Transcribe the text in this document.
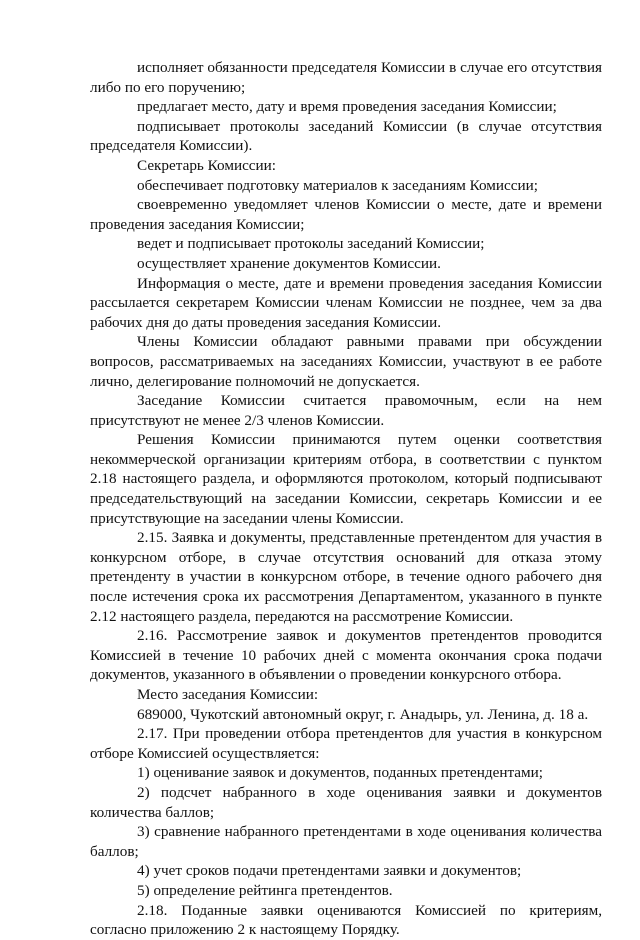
исполняет обязанности председателя Комиссии в случае его отсутствия либо по его поручению;

предлагает место, дату и время проведения заседания Комиссии;

подписывает протоколы заседаний Комиссии (в случае отсутствия председателя Комиссии).

Секретарь Комиссии:

обеспечивает подготовку материалов к заседаниям Комиссии;

своевременно уведомляет членов Комиссии о месте, дате и времени проведения заседания Комиссии;

ведет и подписывает протоколы заседаний Комиссии;

осуществляет хранение документов Комиссии.

Информация о месте, дате и времени проведения заседания Комиссии рассылается секретарем Комиссии членам Комиссии не позднее, чем за два рабочих дня до даты проведения заседания Комиссии.

Члены Комиссии обладают равными правами при обсуждении вопросов, рассматриваемых на заседаниях Комиссии, участвуют в ее работе лично, делегирование полномочий не допускается.

Заседание Комиссии считается правомочным, если на нем присутствуют не менее 2/3 членов Комиссии.

Решения Комиссии принимаются путем оценки соответствия некоммерческой организации критериям отбора, в соответствии с пунктом 2.18 настоящего раздела, и оформляются протоколом, который подписывают председательствующий на заседании Комиссии, секретарь Комиссии и ее присутствующие на заседании члены Комиссии.

2.15. Заявка и документы, представленные претендентом для участия в конкурсном отборе, в случае отсутствия оснований для отказа этому претенденту в участии в конкурсном отборе, в течение одного рабочего дня после истечения срока их рассмотрения Департаментом, указанного в пункте 2.12 настоящего раздела, передаются на рассмотрение Комиссии.

2.16. Рассмотрение заявок и документов претендентов проводится Комиссией в течение 10 рабочих дней с момента окончания срока подачи документов, указанного в объявлении о проведении конкурсного отбора.

Место заседания Комиссии:

689000, Чукотский автономный округ, г. Анадырь, ул. Ленина, д. 18 а.

2.17. При проведении отбора претендентов для участия в конкурсном отборе Комиссией осуществляется:

1) оценивание заявок и документов, поданных претендентами;

2) подсчет набранного в ходе оценивания заявки и документов количества баллов;

3) сравнение набранного претендентами в ходе оценивания количества баллов;

4) учет сроков подачи претендентами заявки и документов;

5) определение рейтинга претендентов.

2.18. Поданные заявки оцениваются Комиссией по критериям, согласно приложению 2 к настоящему Порядку.
